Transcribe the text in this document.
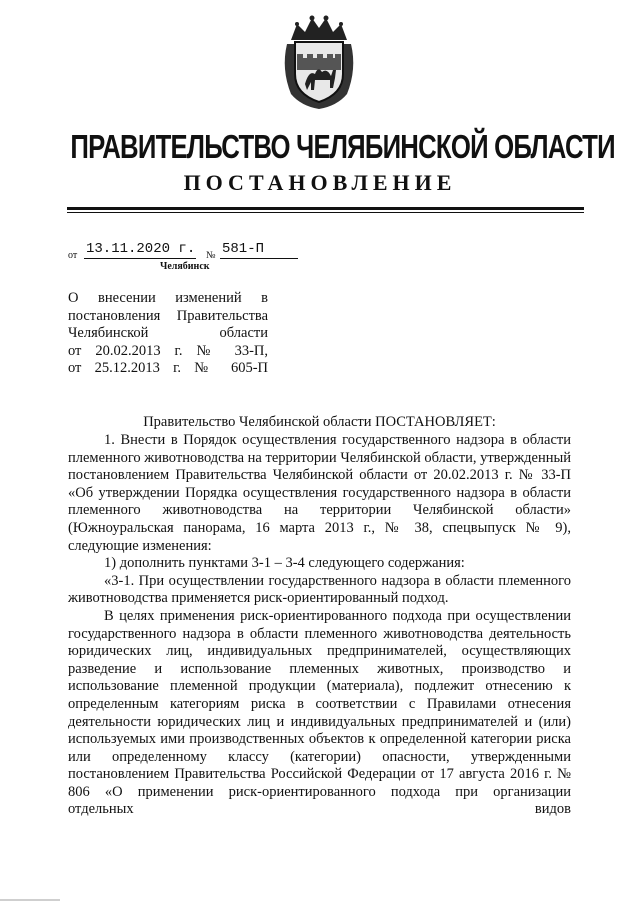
ПРАВИТЕЛЬСТВО ЧЕЛЯБИНСКОЙ ОБЛАСТИ
ПОСТАНОВЛЕНИЕ
от 13.11.2020 г. № 581-П
Челябинск
О внесении изменений в
постановления Правительства
Челябинской области
от 20.02.2013 г. № 33-П,
от 25.12.2013 г. № 605-П
Правительство Челябинской области ПОСТАНОВЛЯЕТ:

1. Внести в Порядок осуществления государственного надзора в области племенного животноводства на территории Челябинской области, утвержденный постановлением Правительства Челябинской области от 20.02.2013 г. № 33-П «Об утверждении Порядка осуществления государственного надзора в области племенного животноводства на территории Челябинской области» (Южноуральская панорама, 16 марта 2013 г., № 38, спецвыпуск № 9), следующие изменения:

1) дополнить пунктами 3-1 – 3-4 следующего содержания:

«3-1. При осуществлении государственного надзора в области племенного животноводства применяется риск-ориентированный подход.

В целях применения риск-ориентированного подхода при осуществлении государственного надзора в области племенного животноводства деятельность юридических лиц, индивидуальных предпринимателей, осуществляющих разведение и использование племенных животных, производство и использование племенной продукции (материала), подлежит отнесению к определенным категориям риска в соответствии с Правилами отнесения деятельности юридических лиц и индивидуальных предпринимателей и (или) используемых ими производственных объектов к определенной категории риска или определенному классу (категории) опасности, утвержденными постановлением Правительства Российской Федерации от 17 августа 2016 г. № 806 «О применении риск-ориентированного подхода при организации отдельных видов
